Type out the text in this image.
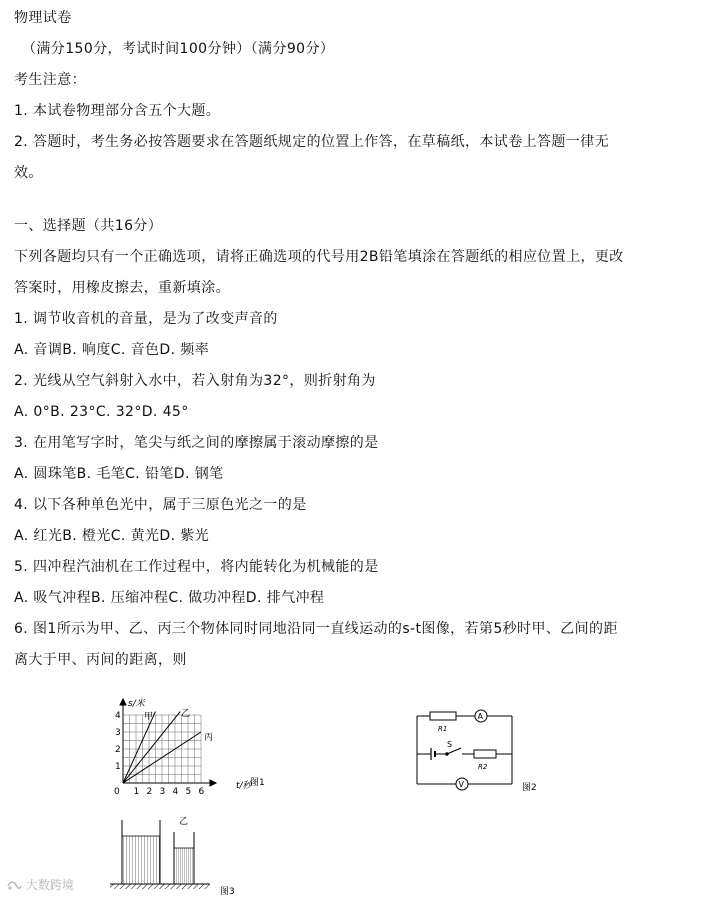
物理试卷
（满分150分，考试时间100分钟）（满分90分）
考生注意：
1. 本试卷物理部分含五个大题。
2. 答题时，考生务必按答题要求在答题纸规定的位置上作答，在草稿纸，本试卷上答题一律无
效。
一、选择题（共16分）
下列各题均只有一个正确选项，请将正确选项的代号用2B铅笔填涂在答题纸的相应位置上，更改
答案时，用橡皮擦去，重新填涂。
1. 调节收音机的音量，是为了改变声音的
A. 音调B. 响度C. 音色D. 频率
2. 光线从空气斜射入水中，若入射角为32°，则折射角为
A. 0°B. 23°C. 32°D. 45°
3. 在用笔写字时，笔尖与纸之间的摩擦属于滚动摩擦的是
A. 圆珠笔B. 毛笔C. 铅笔D. 钢笔
4. 以下各种单色光中，属于三原色光之一的是
A. 红光B. 橙光C. 黄光D. 紫光
5. 四冲程汽油机在工作过程中，将内能转化为机械能的是
A. 吸气冲程B. 压缩冲程C. 做功冲程D. 排气冲程
6. 图1所示为甲、乙、丙三个物体同时同地沿同一直线运动的s-t图像，若第5秒时甲、乙间的距
离大于甲、丙间的距离，则
4
3
2
1
0 1 2 3 4 5 6
s/米
t/秒
甲	乙
丙
图1
A
V
S
R1
R2
图2
乙
图3
大数跨境
